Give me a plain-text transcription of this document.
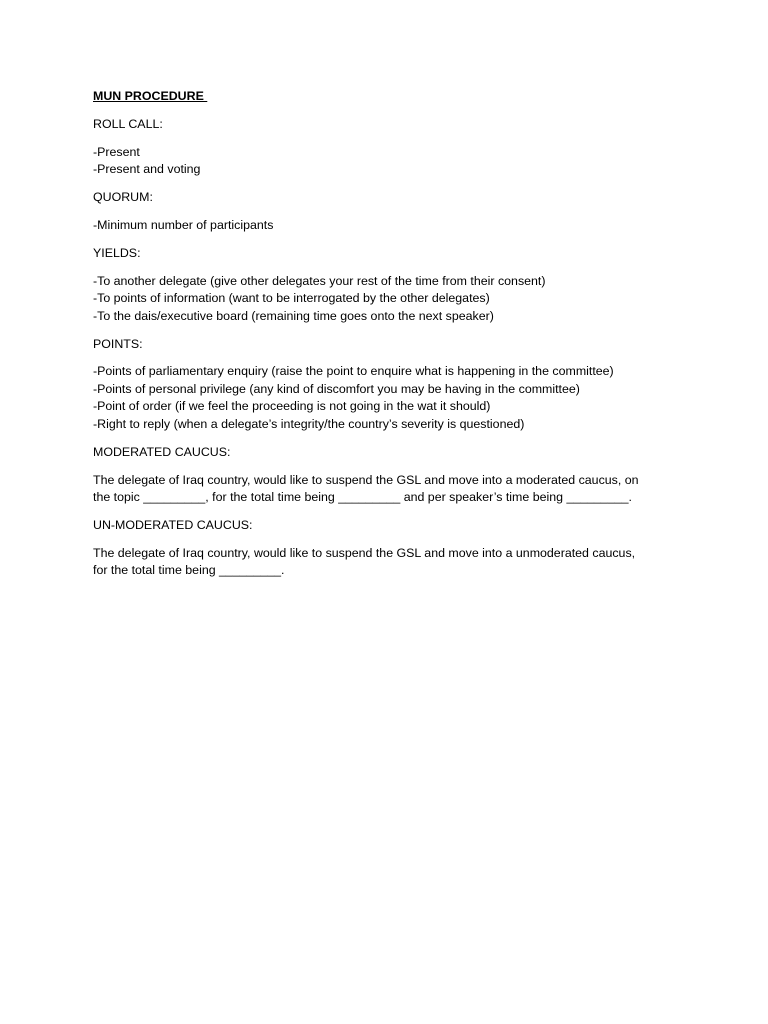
MUN PROCEDURE
ROLL CALL:
-Present
-Present and voting
QUORUM:
-Minimum number of participants
YIELDS:
-To another delegate (give other delegates your rest of the time from their consent)
-To points of information (want to be interrogated by the other delegates)
-To the dais/executive board (remaining time goes onto the next speaker)
POINTS:
-Points of parliamentary enquiry (raise the point to enquire what is happening in the committee)
-Points of personal privilege (any kind of discomfort you may be having in the committee)
-Point of order (if we feel the proceeding is not going in the wat it should)
-Right to reply (when a delegate’s integrity/the country’s severity is questioned)
MODERATED CAUCUS:
The delegate of Iraq country, would like to suspend the GSL and move into a moderated caucus, on
the topic _________, for the total time being _________ and per speaker’s time being _________.
UN-MODERATED CAUCUS:
The delegate of Iraq country, would like to suspend the GSL and move into a unmoderated caucus,
for the total time being _________.
